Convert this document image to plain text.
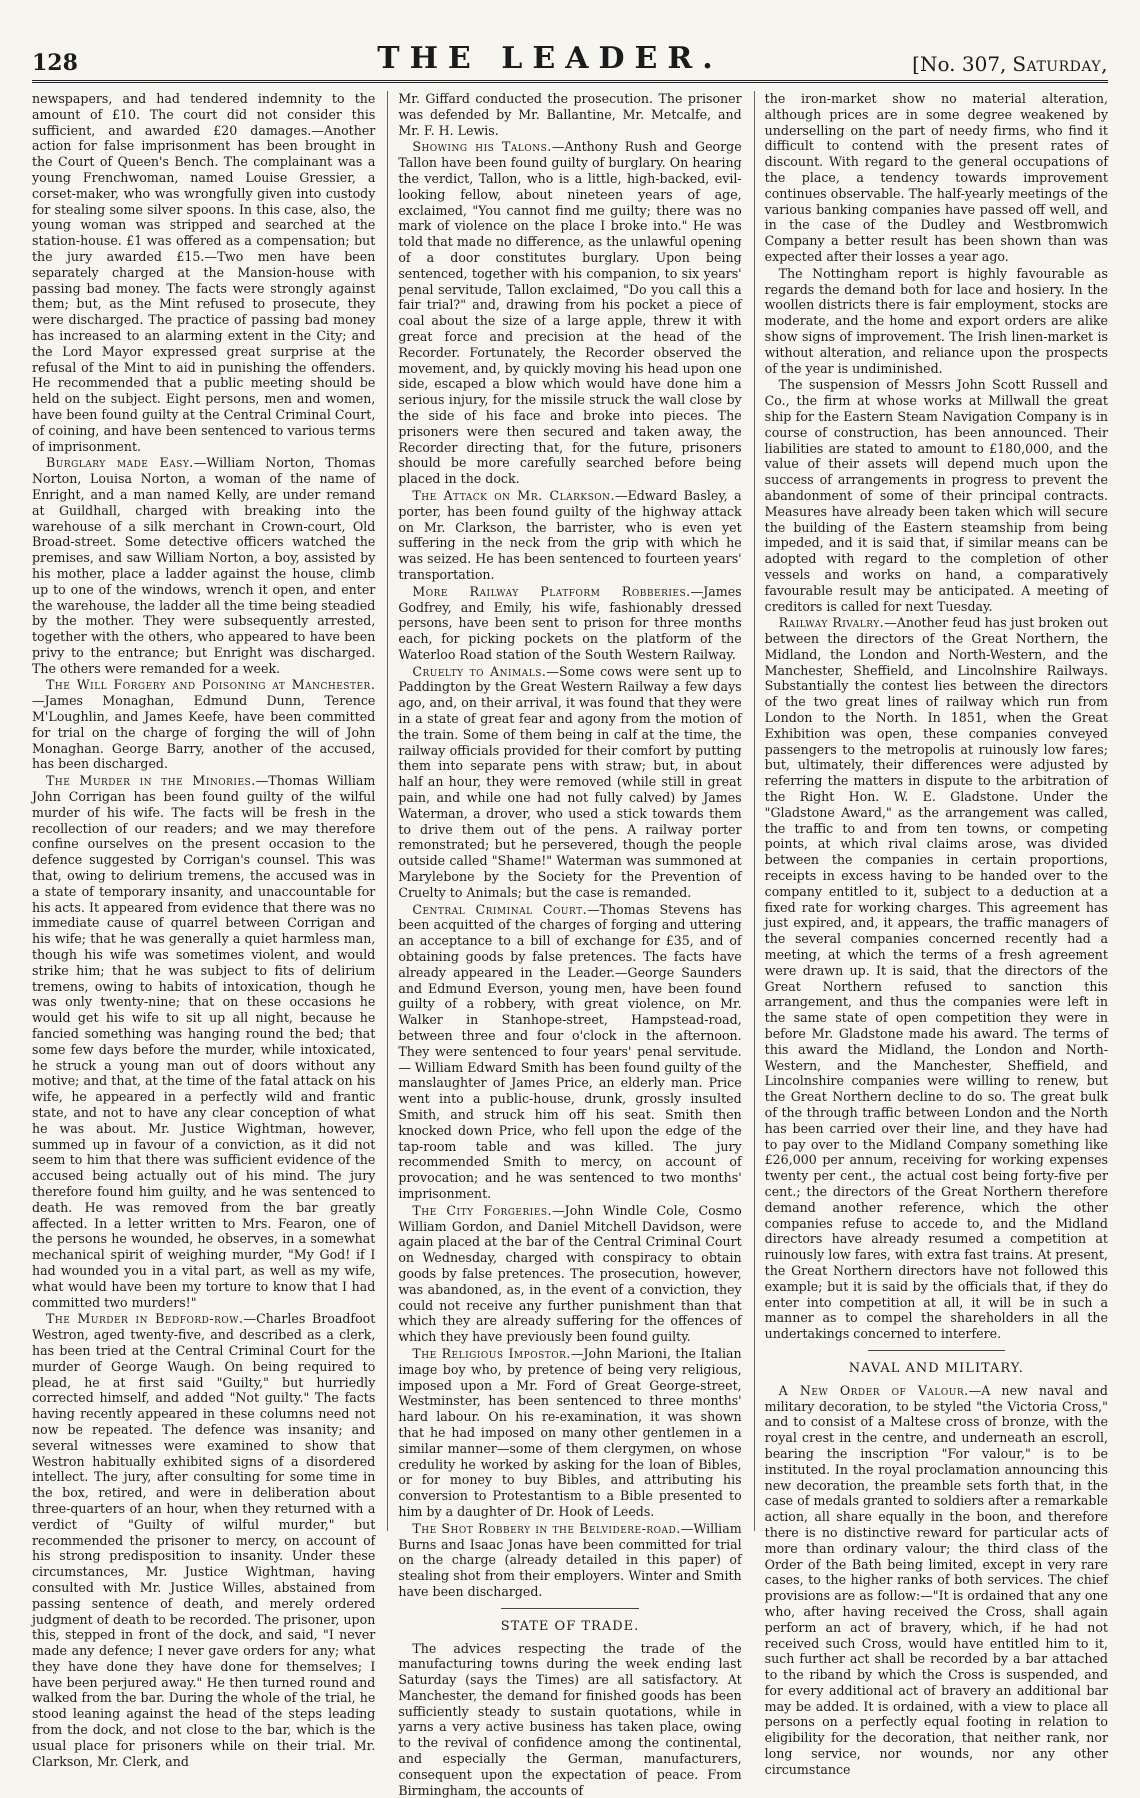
128	THE LEADER.	[No. 307, Saturday,

newspapers, and had tendered indemnity to the amount of £10. The court did not consider this sufficient, and awarded £20 damages.—Another action for false imprisonment has been brought in the Court of Queen's Bench. The complainant was a young Frenchwoman, named Louise Gressier, a corset-maker, who was wrongfully given into custody for stealing some silver spoons. In this case, also, the young woman was stripped and searched at the station-house. £1 was offered as a compensation; but the jury awarded £15.—Two men have been separately charged at the Mansion-house with passing bad money. The facts were strongly against them; but, as the Mint refused to prosecute, they were discharged. The practice of passing bad money has increased to an alarming extent in the City; and the Lord Mayor expressed great surprise at the refusal of the Mint to aid in punishing the offenders. He recommended that a public meeting should be held on the subject. Eight persons, men and women, have been found guilty at the Central Criminal Court, of coining, and have been sentenced to various terms of imprisonment.

Burglary made Easy.—William Norton, Thomas Norton, Louisa Norton, a woman of the name of Enright, and a man named Kelly, are under remand at Guildhall, charged with breaking into the warehouse of a silk merchant in Crown-court, Old Broad-street. Some detective officers watched the premises, and saw William Norton, a boy, assisted by his mother, place a ladder against the house, climb up to one of the windows, wrench it open, and enter the warehouse, the ladder all the time being steadied by the mother. They were subsequently arrested, together with the others, who appeared to have been privy to the entrance; but Enright was discharged. The others were remanded for a week.

The Will Forgery and Poisoning at Manchester.—James Monaghan, Edmund Dunn, Terence M'Loughlin, and James Keefe, have been committed for trial on the charge of forging the will of John Monaghan. George Barry, another of the accused, has been discharged.

The Murder in the Minories.—Thomas William John Corrigan has been found guilty of the wilful murder of his wife. The facts will be fresh in the recollection of our readers; and we may therefore confine ourselves on the present occasion to the defence suggested by Corrigan's counsel. This was that, owing to delirium tremens, the accused was in a state of temporary insanity, and unaccountable for his acts. It appeared from evidence that there was no immediate cause of quarrel between Corrigan and his wife; that he was generally a quiet harmless man, though his wife was sometimes violent, and would strike him; that he was subject to fits of delirium tremens, owing to habits of intoxication, though he was only twenty-nine; that on these occasions he would get his wife to sit up all night, because he fancied something was hanging round the bed; that some few days before the murder, while intoxicated, he struck a young man out of doors without any motive; and that, at the time of the fatal attack on his wife, he appeared in a perfectly wild and frantic state, and not to have any clear conception of what he was about. Mr. Justice Wightman, however, summed up in favour of a conviction, as it did not seem to him that there was sufficient evidence of the accused being actually out of his mind. The jury therefore found him guilty, and he was sentenced to death. He was removed from the bar greatly affected. In a letter written to Mrs. Fearon, one of the persons he wounded, he observes, in a somewhat mechanical spirit of weighing murder, "My God! if I had wounded you in a vital part, as well as my wife, what would have been my torture to know that I had committed two murders!"

The Murder in Bedford-row.—Charles Broadfoot Westron, aged twenty-five, and described as a clerk, has been tried at the Central Criminal Court for the murder of George Waugh. On being required to plead, he at first said "Guilty," but hurriedly corrected himself, and added "Not guilty." The facts having recently appeared in these columns need not now be repeated. The defence was insanity; and several witnesses were examined to show that Westron habitually exhibited signs of a disordered intellect. The jury, after consulting for some time in the box, retired, and were in deliberation about three-quarters of an hour, when they returned with a verdict of "Guilty of wilful murder," but recommended the prisoner to mercy, on account of his strong predisposition to insanity. Under these circumstances, Mr. Justice Wightman, having consulted with Mr. Justice Willes, abstained from passing sentence of death, and merely ordered judgment of death to be recorded. The prisoner, upon this, stepped in front of the dock, and said, "I never made any defence; I never gave orders for any; what they have done they have done for themselves; I have been perjured away." He then turned round and walked from the bar. During the whole of the trial, he stood leaning against the head of the steps leading from the dock, and not close to the bar, which is the usual place for prisoners while on their trial. Mr. Clarkson, Mr. Clerk, and

Mr. Giffard conducted the prosecution. The prisoner was defended by Mr. Ballantine, Mr. Metcalfe, and Mr. F. H. Lewis.

Showing his Talons.—Anthony Rush and George Tallon have been found guilty of burglary. On hearing the verdict, Tallon, who is a little, high-backed, evil-looking fellow, about nineteen years of age, exclaimed, "You cannot find me guilty; there was no mark of violence on the place I broke into." He was told that made no difference, as the unlawful opening of a door constitutes burglary. Upon being sentenced, together with his companion, to six years' penal servitude, Tallon exclaimed, "Do you call this a fair trial?" and, drawing from his pocket a piece of coal about the size of a large apple, threw it with great force and precision at the head of the Recorder. Fortunately, the Recorder observed the movement, and, by quickly moving his head upon one side, escaped a blow which would have done him a serious injury, for the missile struck the wall close by the side of his face and broke into pieces. The prisoners were then secured and taken away, the Recorder directing that, for the future, prisoners should be more carefully searched before being placed in the dock.

The Attack on Mr. Clarkson.—Edward Basley, a porter, has been found guilty of the highway attack on Mr. Clarkson, the barrister, who is even yet suffering in the neck from the grip with which he was seized. He has been sentenced to fourteen years' transportation.

More Railway Platform Robberies.—James Godfrey, and Emily, his wife, fashionably dressed persons, have been sent to prison for three months each, for picking pockets on the platform of the Waterloo Road station of the South Western Railway.

Cruelty to Animals.—Some cows were sent up to Paddington by the Great Western Railway a few days ago, and, on their arrival, it was found that they were in a state of great fear and agony from the motion of the train. Some of them being in calf at the time, the railway officials provided for their comfort by putting them into separate pens with straw; but, in about half an hour, they were removed (while still in great pain, and while one had not fully calved) by James Waterman, a drover, who used a stick towards them to drive them out of the pens. A railway porter remonstrated; but he persevered, though the people outside called "Shame!" Waterman was summoned at Marylebone by the Society for the Prevention of Cruelty to Animals; but the case is remanded.

Central Criminal Court.—Thomas Stevens has been acquitted of the charges of forging and uttering an acceptance to a bill of exchange for £35, and of obtaining goods by false pretences. The facts have already appeared in the Leader.—George Saunders and Edmund Everson, young men, have been found guilty of a robbery, with great violence, on Mr. Walker in Stanhope-street, Hampstead-road, between three and four o'clock in the afternoon. They were sentenced to four years' penal servitude. — William Edward Smith has been found guilty of the manslaughter of James Price, an elderly man. Price went into a public-house, drunk, grossly insulted Smith, and struck him off his seat. Smith then knocked down Price, who fell upon the edge of the tap-room table and was killed. The jury recommended Smith to mercy, on account of provocation; and he was sentenced to two months' imprisonment.

The City Forgeries.—John Windle Cole, Cosmo William Gordon, and Daniel Mitchell Davidson, were again placed at the bar of the Central Criminal Court on Wednesday, charged with conspiracy to obtain goods by false pretences. The prosecution, however, was abandoned, as, in the event of a conviction, they could not receive any further punishment than that which they are already suffering for the offences of which they have previously been found guilty.

The Religious Impostor.—John Marioni, the Italian image boy who, by pretence of being very religious, imposed upon a Mr. Ford of Great George-street, Westminster, has been sentenced to three months' hard labour. On his re-examination, it was shown that he had imposed on many other gentlemen in a similar manner—some of them clergymen, on whose credulity he worked by asking for the loan of Bibles, or for money to buy Bibles, and attributing his conversion to Protestantism to a Bible presented to him by a daughter of Dr. Hook of Leeds.

The Shot Robbery in the Belvidere-road.—William Burns and Isaac Jonas have been committed for trial on the charge (already detailed in this paper) of stealing shot from their employers. Winter and Smith have been discharged.

STATE OF TRADE.

The advices respecting the trade of the manufacturing towns during the week ending last Saturday (says the Times) are all satisfactory. At Manchester, the demand for finished goods has been sufficiently steady to sustain quotations, while in yarns a very active business has taken place, owing to the revival of confidence among the continental, and especially the German, manufacturers, consequent upon the expectation of peace. From Birmingham, the accounts of

the iron-market show no material alteration, although prices are in some degree weakened by underselling on the part of needy firms, who find it difficult to contend with the present rates of discount. With regard to the general occupations of the place, a tendency towards improvement continues observable. The half-yearly meetings of the various banking companies have passed off well, and in the case of the Dudley and Westbromwich Company a better result has been shown than was expected after their losses a year ago.

The Nottingham report is highly favourable as regards the demand both for lace and hosiery. In the woollen districts there is fair employment, stocks are moderate, and the home and export orders are alike show signs of improvement. The Irish linen-market is without alteration, and reliance upon the prospects of the year is undiminished.

The suspension of Messrs John Scott Russell and Co., the firm at whose works at Millwall the great ship for the Eastern Steam Navigation Company is in course of construction, has been announced. Their liabilities are stated to amount to £180,000, and the value of their assets will depend much upon the success of arrangements in progress to prevent the abandonment of some of their principal contracts. Measures have already been taken which will secure the building of the Eastern steamship from being impeded, and it is said that, if similar means can be adopted with regard to the completion of other vessels and works on hand, a comparatively favourable result may be anticipated. A meeting of creditors is called for next Tuesday.

Railway Rivalry.—Another feud has just broken out between the directors of the Great Northern, the Midland, the London and North-Western, and the Manchester, Sheffield, and Lincolnshire Railways. Substantially the contest lies between the directors of the two great lines of railway which run from London to the North. In 1851, when the Great Exhibition was open, these companies conveyed passengers to the metropolis at ruinously low fares; but, ultimately, their differences were adjusted by referring the matters in dispute to the arbitration of the Right Hon. W. E. Gladstone. Under the "Gladstone Award," as the arrangement was called, the traffic to and from ten towns, or competing points, at which rival claims arose, was divided between the companies in certain proportions, receipts in excess having to be handed over to the company entitled to it, subject to a deduction at a fixed rate for working charges. This agreement has just expired, and, it appears, the traffic managers of the several companies concerned recently had a meeting, at which the terms of a fresh agreement were drawn up. It is said, that the directors of the Great Northern refused to sanction this arrangement, and thus the companies were left in the same state of open competition they were in before Mr. Gladstone made his award. The terms of this award the Midland, the London and North-Western, and the Manchester, Sheffield, and Lincolnshire companies were willing to renew, but the Great Northern decline to do so. The great bulk of the through traffic between London and the North has been carried over their line, and they have had to pay over to the Midland Company something like £26,000 per annum, receiving for working expenses twenty per cent., the actual cost being forty-five per cent.; the directors of the Great Northern therefore demand another reference, which the other companies refuse to accede to, and the Midland directors have already resumed a competition at ruinously low fares, with extra fast trains. At present, the Great Northern directors have not followed this example; but it is said by the officials that, if they do enter into competition at all, it will be in such a manner as to compel the shareholders in all the undertakings concerned to interfere.

NAVAL AND MILITARY.

A New Order of Valour.—A new naval and military decoration, to be styled "the Victoria Cross," and to consist of a Maltese cross of bronze, with the royal crest in the centre, and underneath an escroll, bearing the inscription "For valour," is to be instituted. In the royal proclamation announcing this new decoration, the preamble sets forth that, in the case of medals granted to soldiers after a remarkable action, all share equally in the boon, and therefore there is no distinctive reward for particular acts of more than ordinary valour; the third class of the Order of the Bath being limited, except in very rare cases, to the higher ranks of both services. The chief provisions are as follow:—"It is ordained that any one who, after having received the Cross, shall again perform an act of bravery, which, if he had not received such Cross, would have entitled him to it, such further act shall be recorded by a bar attached to the riband by which the Cross is suspended, and for every additional act of bravery an additional bar may be added. It is ordained, with a view to place all persons on a perfectly equal footing in relation to eligibility for the decoration, that neither rank, nor long service, nor wounds, nor any other circumstance
